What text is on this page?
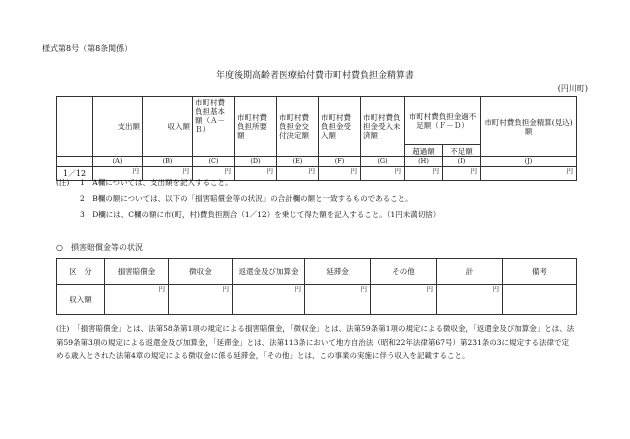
様式第8号（第8条関係）
年度後期高齢者医療給付費市町村費負担金精算書
(円川町)
	支出額	収入額	市町村費負担基本額（Ａ－Ｂ）	市町村費負担所要額	市町村費負担金交付決定額	市町村費負担金受入額	市町村費負担金受入未済額	市町村費負担金過不足額（Ｆ－Ｄ）		市町村費負担金精算(見込)額
								超過額	不足額	
	(A)	(B)	(C)	(D)	(E)	(F)	(G)	(H)	(I)	(J)
1／12	円	円	円	円	円	円	円	円	円	円
(注) 1　A欄については、支出額を記入すること。
2　B欄の額については、以下の「損害賠償金等の状況」の合計欄の額と一致するものであること。
3　D欄には、C欄の額に市(町，村)費負担割合（1／12）を乗じて得た額を記入すること。（1円未満切捨）
○　損害賠償金等の状況
区　分	損害賠償金	徴収金	返還金及び加算金	延滞金	その他	計	備考
収入額	円	円	円	円	円	円	
(注)　「損害賠償金」とは、法第58条第1項の規定による損害賠償金，「徴収金」とは、法第59条第1項の規定による徴収金，「返還金及び加算金」とは、法第59条第3項の規定による返還金及び加算金，「延滞金」とは、法第113条において地方自治法（昭和22年法律第67号）第231条の3に規定する法律で定める歳入とされた法第4章の規定による徴収金に係る延滞金，「その他」とは、この事業の実施に伴う収入を記載すること。
